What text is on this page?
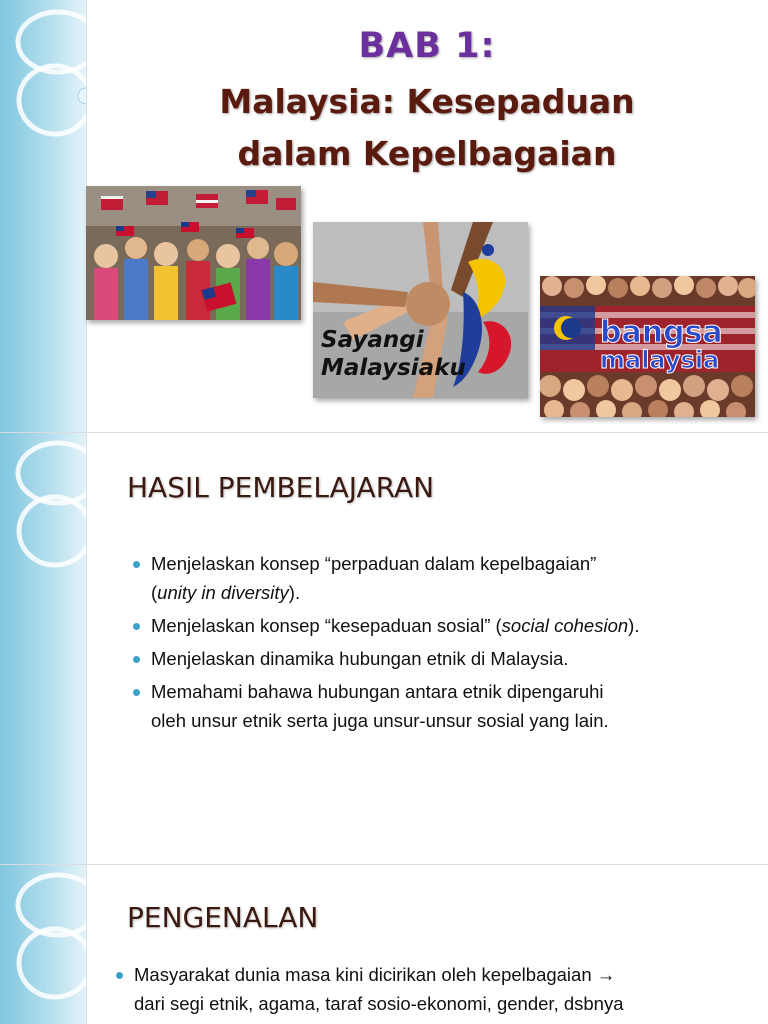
BAB 1:
Malaysia: Kesepaduan
dalam Kepelbagaian
Sayangi
Malaysiaku
bangsa
malaysia
HASIL PEMBELAJARAN
Menjelaskan konsep “perpaduan dalam kepelbagaian”
(unity in diversity).
Menjelaskan konsep “kesepaduan sosial” (social cohesion).
Menjelaskan dinamika hubungan etnik di Malaysia.
Memahami bahawa hubungan antara etnik dipengaruhi
oleh unsur etnik serta juga unsur-unsur sosial yang lain.
PENGENALAN
Masyarakat dunia masa kini dicirikan oleh kepelbagaian →
dari segi etnik, agama, taraf sosio-ekonomi, gender, dsbnya
